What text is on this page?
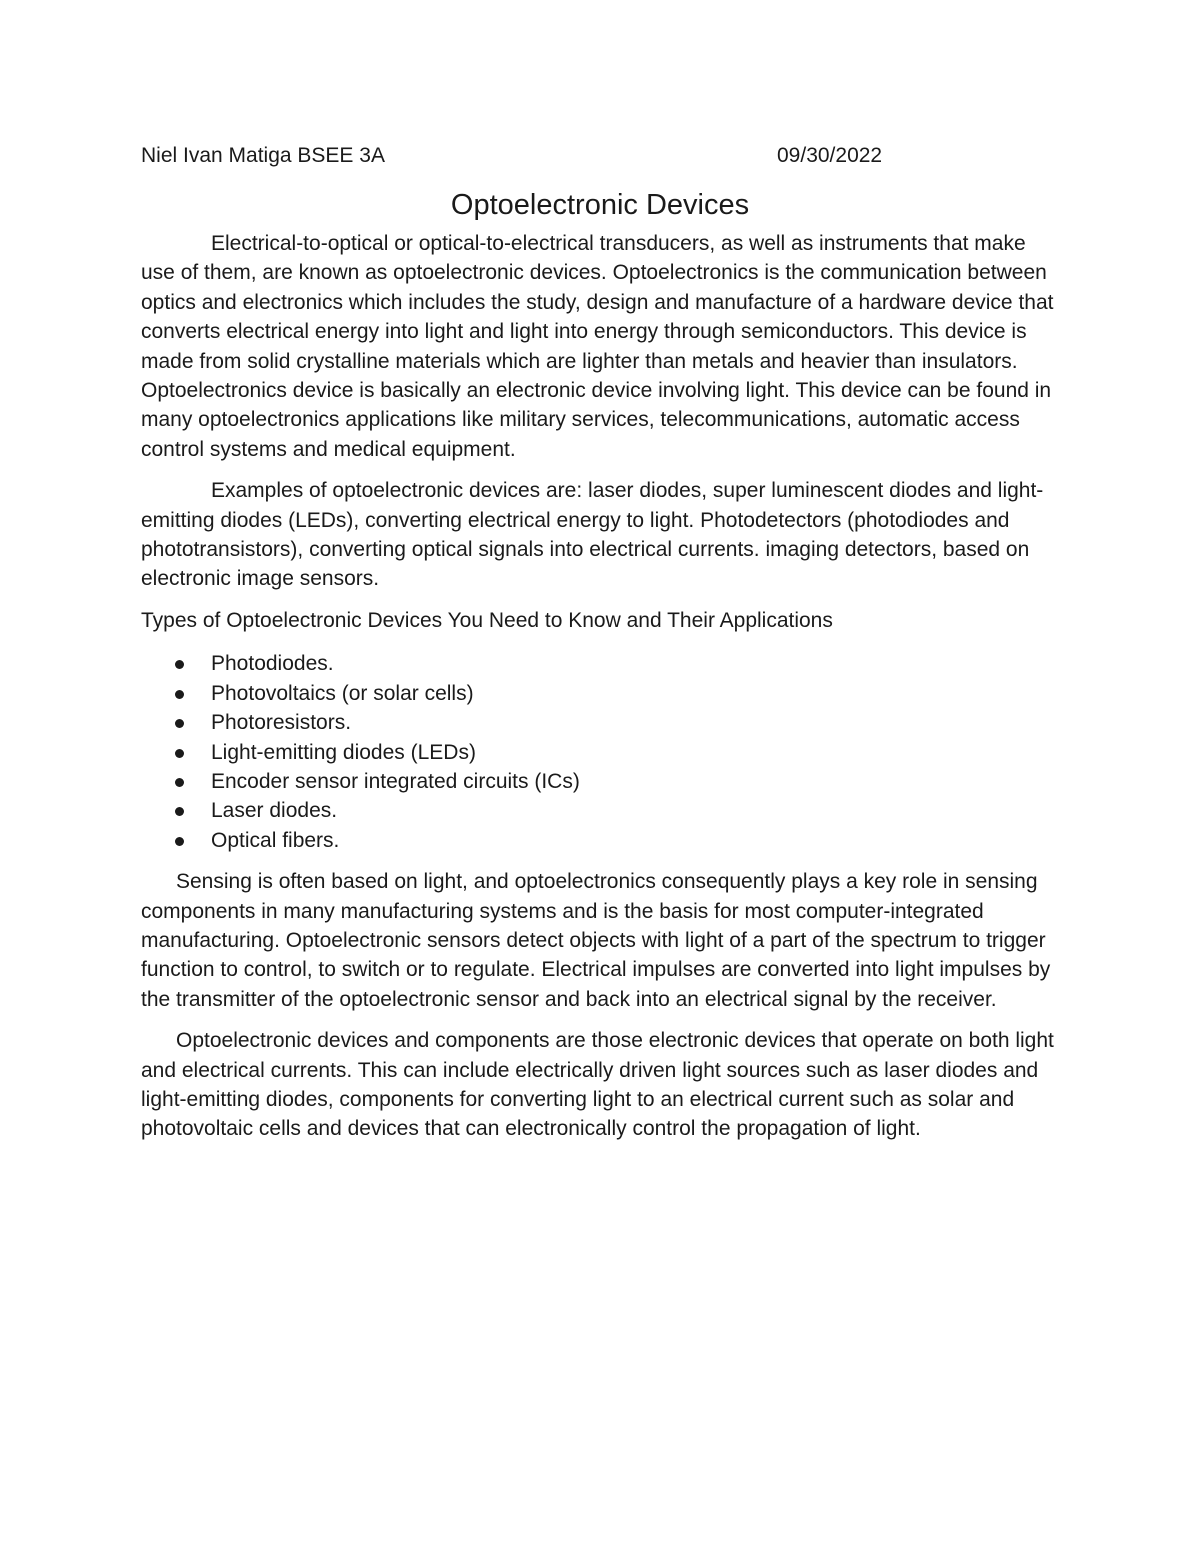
Niel Ivan Matiga BSEE 3A	09/30/2022
Optoelectronic Devices

Electrical-to-optical or optical-to-electrical transducers, as well as instruments that make use of them, are known as optoelectronic devices. Optoelectronics is the communication between optics and electronics which includes the study, design and manufacture of a hardware device that converts electrical energy into light and light into energy through semiconductors. This device is made from solid crystalline materials which are lighter than metals and heavier than insulators. Optoelectronics device is basically an electronic device involving light. This device can be found in many optoelectronics applications like military services, telecommunications, automatic access control systems and medical equipment.

Examples of optoelectronic devices are: laser diodes, super luminescent diodes and light-emitting diodes (LEDs), converting electrical energy to light. Photodetectors (photodiodes and phototransistors), converting optical signals into electrical currents. imaging detectors, based on electronic image sensors.

Types of Optoelectronic Devices You Need to Know and Their Applications

Photodiodes.
Photovoltaics (or solar cells)
Photoresistors.
Light-emitting diodes (LEDs)
Encoder sensor integrated circuits (ICs)
Laser diodes.
Optical fibers.

Sensing is often based on light, and optoelectronics consequently plays a key role in sensing components in many manufacturing systems and is the basis for most computer-integrated manufacturing. Optoelectronic sensors detect objects with light of a part of the spectrum to trigger function to control, to switch or to regulate. Electrical impulses are converted into light impulses by the transmitter of the optoelectronic sensor and back into an electrical signal by the receiver.

Optoelectronic devices and components are those electronic devices that operate on both light and electrical currents. This can include electrically driven light sources such as laser diodes and light-emitting diodes, components for converting light to an electrical current such as solar and photovoltaic cells and devices that can electronically control the propagation of light.
